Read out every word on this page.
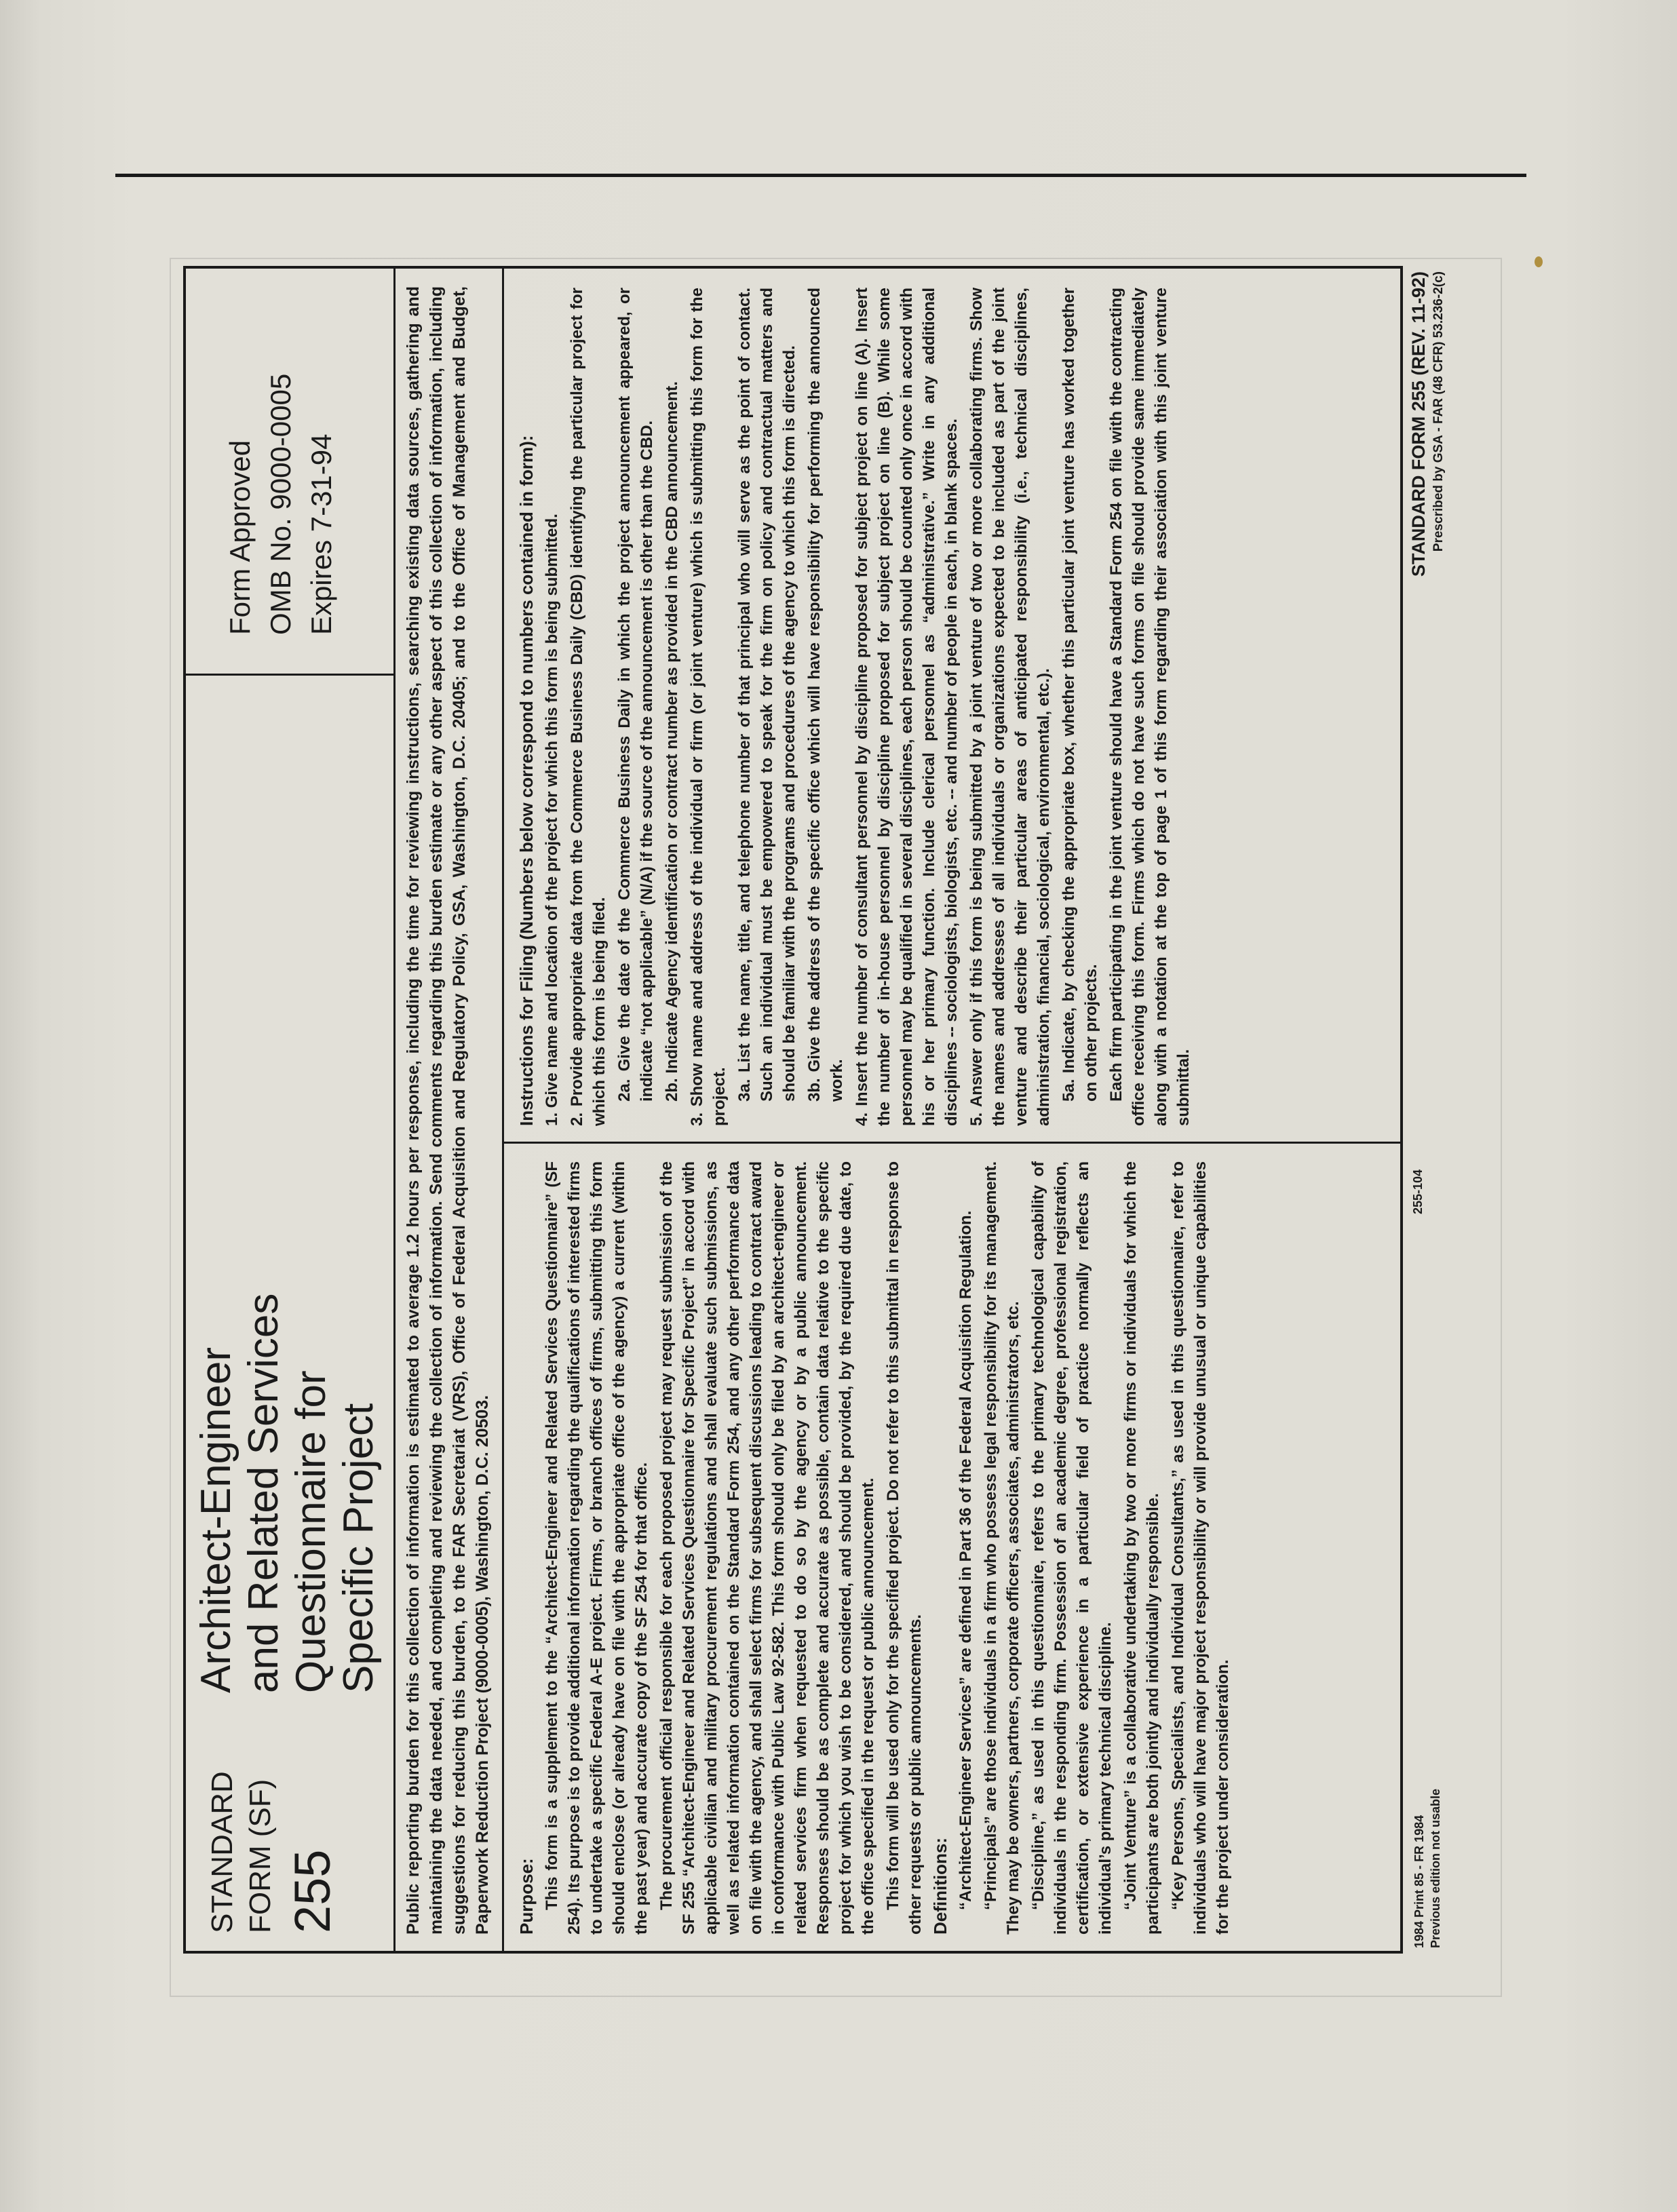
STANDARD FORM (SF) 255
Architect-Engineer and Related Services Questionnaire for Specific Project
Form Approved OMB No. 9000-0005 Expires 7-31-94	Public reporting burden for this collection of information is estimated to average 1.2 hours per response, including the time for reviewing instructions, searching existing data sources, gathering and maintaining the data needed, and completing and reviewing the collection of information. Send comments regarding this burden estimate or any other aspect of this collection of information, including suggestions for reducing this burden, to the FAR Secretariat (VRS), Office of Federal Acquisition and Regulatory Policy, GSA, Washington, D.C. 20405; and to the Office of Management and Budget, Paperwork Reduction Project (9000-0005), Washington, D.C. 20503. Purpose: This form is a supplement to the “Architect-Engineer and Related Services Questionnaire” (SF 254). Its purpose is to provide additional information regarding the qualifications of interested firms to undertake a specific Federal A-E project. Firms, or branch offices of firms, submitting this form should enclose (or already have on file with the appropriate office of the agency) a current (within the past year) and accurate copy of the SF 254 for that office. The procurement official responsible for each proposed project may request submission of the SF 255 “Architect-Engineer and Related Services Questionnaire for Specific Project” in accord with applicable civilian and military procurement regulations and shall evaluate such submissions, as well as related information contained on the Standard Form 254, and any other performance data on file with the agency, and shall select firms for subsequent discussions leading to contract award in conformance with Public Law 92-582. This form should only be filed by an architect-engineer or related services firm when requested to do so by the agency or by a public announcement. Responses should be as complete and accurate as possible, contain data relative to the specific project for which you wish to be considered, and should be provided, by the required due date, to the office specified in the request or public announcement. This form will be used only for the specified project. Do not refer to this submittal in response to other requests or public announcements. Definitions: “Architect-Engineer Services” are defined in Part 36 of the Federal Acquisition Regulation. “Principals” are those individuals in a firm who possess legal responsibility for its management. They may be owners, partners, corporate officers, associates, administrators, etc. “Discipline,” as used in this questionnaire, refers to the primary technological capability of individuals in the responding firm. Possession of an academic degree, professional registration, certification, or extensive experience in a particular field of practice normally reflects an individual’s primary technical discipline. “Joint Venture” is a collaborative undertaking by two or more firms or individuals for which the participants are both jointly and individually responsible. “Key Persons, Specialists, and Individual Consultants,” as used in this questionnaire, refer to individuals who will have major project responsibility or will provide unusual or unique capabilities for the project under consideration.

Instructions for Filing (Numbers below correspond to numbers contained in form): 1. Give name and location of the project for which this form is being submitted. 2. Provide appropriate data from the Commerce Business Daily (CBD) identifying the particular project for which this form is being filed. 2a. Give the date of the Commerce Business Daily in which the project announcement appeared, or indicate “not applicable” (N/A) if the source of the announcement is other than the CBD. 2b. Indicate Agency identification or contract number as provided in the CBD announcement. 3. Show name and address of the individual or firm (or joint venture) which is submitting this form for the project. 3a. List the name, title, and telephone number of that principal who will serve as the point of contact. Such an individual must be empowered to speak for the firm on policy and contractual matters and should be familiar with the programs and procedures of the agency to which this form is directed. 3b. Give the address of the specific office which will have responsibility for performing the announced work. 4. Insert the number of consultant personnel by discipline proposed for subject project on line (A). Insert the number of in-house personnel by discipline proposed for subject project on line (B). While some personnel may be qualified in several disciplines, each person should be counted only once in accord with his or her primary function. Include clerical personnel as “administrative.” Write in any additional disciplines -- sociologists, biologists, etc. -- and number of people in each, in blank spaces. 5. Answer only if this form is being submitted by a joint venture of two or more collaborating firms. Show the names and addresses of all individuals or organizations expected to be included as part of the joint venture and describe their particular areas of anticipated responsibility (i.e., technical disciplines, administration, financial, sociological, environmental, etc.). 5a. Indicate, by checking the appropriate box, whether this particular joint venture has worked together on other projects. Each firm participating in the joint venture should have a Standard Form 254 on file with the contracting office receiving this form. Firms which do not have such forms on file should provide same immediately along with a notation at the top of page 1 of this form regarding their association with this joint venture submittal.

1984 Print 85 - FR 1984 Previous edition not usable
255-104
STANDARD FORM 255 (REV. 11-92) Prescribed by GSA - FAR (48 CFR) 53.236-2(c)
